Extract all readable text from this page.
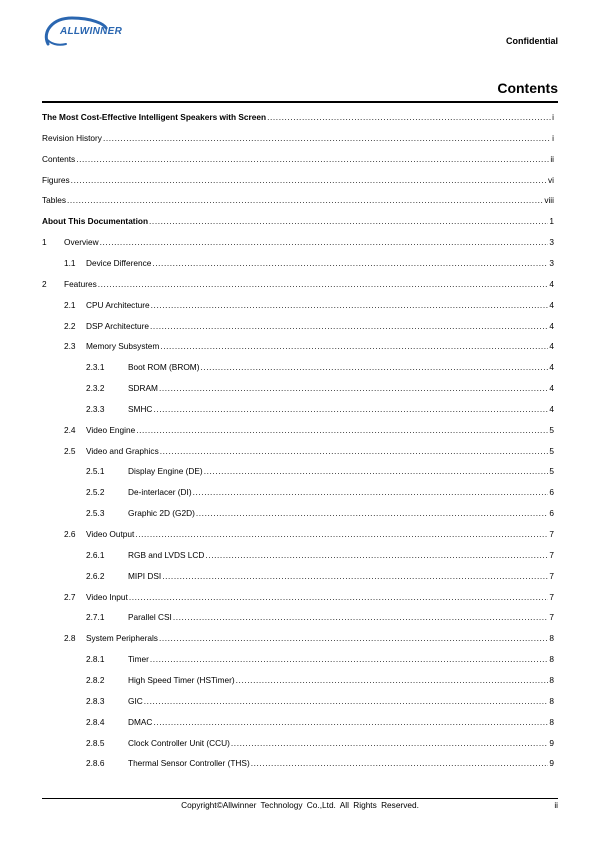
ALLWINNER
Confidential
Contents
The Most Cost-Effective Intelligent Speakers with Screen .....	i
Revision History .....	i
Contents .....	ii
Figures .....	vi
Tables .....	viii
About This Documentation .....	1
1	Overview .....	3
1.1	Device Difference .....	3
2	Features .....	4
2.1	CPU Architecture .....	4
2.2	DSP Architecture .....	4
2.3	Memory Subsystem .....	4
2.3.1	Boot ROM (BROM) .....	4
2.3.2	SDRAM .....	4
2.3.3	SMHC .....	4
2.4	Video Engine .....	5
2.5	Video and Graphics .....	5
2.5.1	Display Engine (DE) .....	5
2.5.2	De-interlacer (DI) .....	6
2.5.3	Graphic 2D (G2D) .....	6
2.6	Video Output .....	7
2.6.1	RGB and LVDS LCD .....	7
2.6.2	MIPI DSI .....	7
2.7	Video Input .....	7
2.7.1	Parallel CSI .....	7
2.8	System Peripherals .....	8
2.8.1	Timer .....	8
2.8.2	High Speed Timer (HSTimer) .....	8
2.8.3	GIC .....	8
2.8.4	DMAC .....	8
2.8.5	Clock Controller Unit (CCU) .....	9
2.8.6	Thermal Sensor Controller (THS) .....	9
Copyright©Allwinner Technology Co.,Ltd. All Rights Reserved.	ii
